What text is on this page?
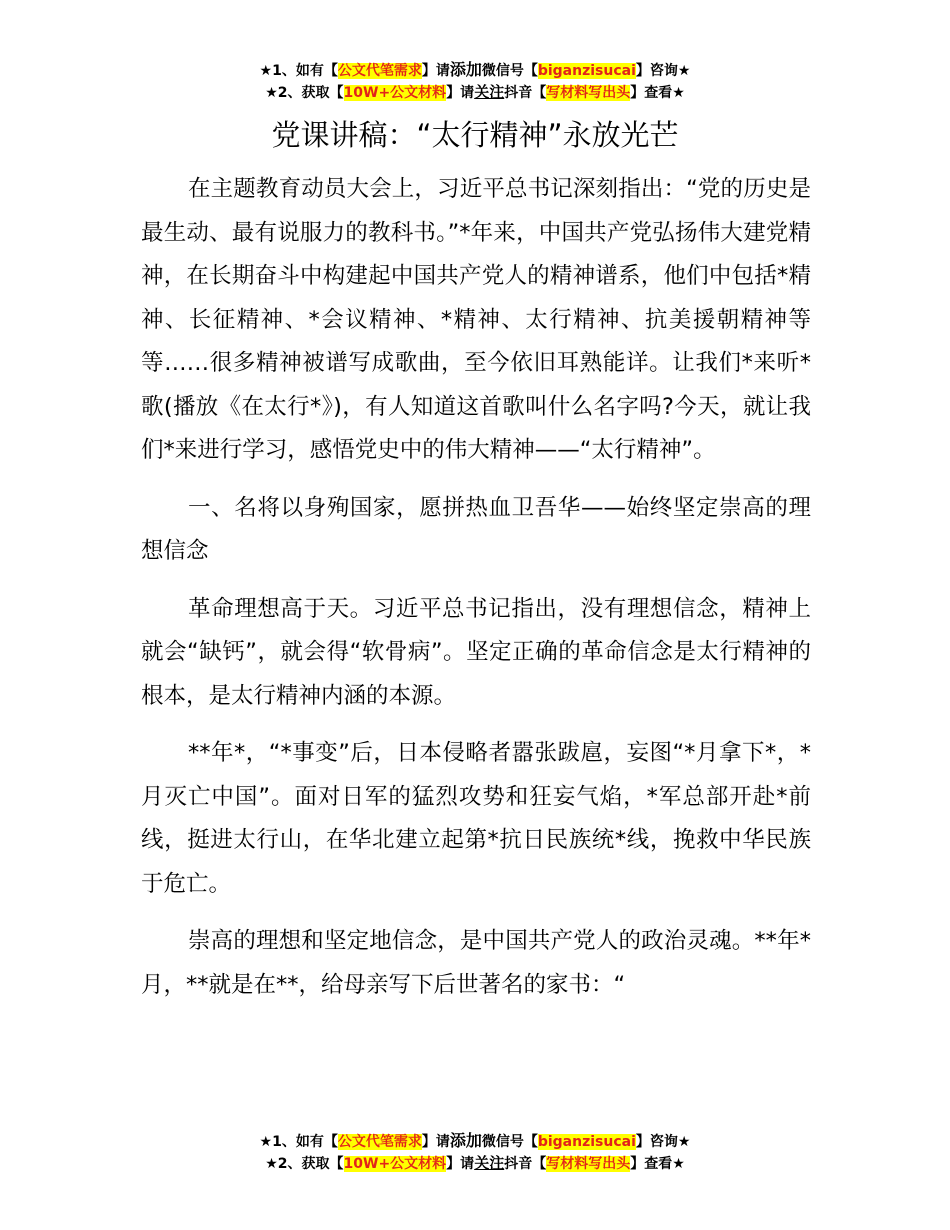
★1、如有【公文代笔需求】请添加微信号【biganzisucai】咨询★
★2、获取【10W+公文材料】请关注抖音【写材料写出头】查看★
党课讲稿：“太行精神”永放光芒

在主题教育动员大会上，习近平总书记深刻指出：“党的历史是最生动、最有说服力的教科书。”*年来，中国共产党弘扬伟大建党精神，在长期奋斗中构建起中国共产党人的精神谱系，他们中包括*精神、长征精神、*会议精神、*精神、太行精神、抗美援朝精神等等……很多精神被谱写成歌曲，至今依旧耳熟能详。让我们*来听*歌(播放《在太行*》)，有人知道这首歌叫什么名字吗?今天，就让我们*来进行学习，感悟党史中的伟大精神——“太行精神”。

一、名将以身殉国家，愿拼热血卫吾华——始终坚定崇高的理想信念

革命理想高于天。习近平总书记指出，没有理想信念，精神上就会“缺钙”，就会得“软骨病”。坚定正确的革命信念是太行精神的根本，是太行精神内涵的本源。

**年*，“*事变”后，日本侵略者嚣张跋扈，妄图“*月拿下*，*月灭亡中国”。面对日军的猛烈攻势和狂妄气焰，*军总部开赴*前线，挺进太行山，在华北建立起第*抗日民族统*线，挽救中华民族于危亡。

崇高的理想和坚定地信念，是中国共产党人的政治灵魂。**年*月，**就是在**，给母亲写下后世著名的家书：“

★1、如有【公文代笔需求】请添加微信号【biganzisucai】咨询★
★2、获取【10W+公文材料】请关注抖音【写材料写出头】查看★
